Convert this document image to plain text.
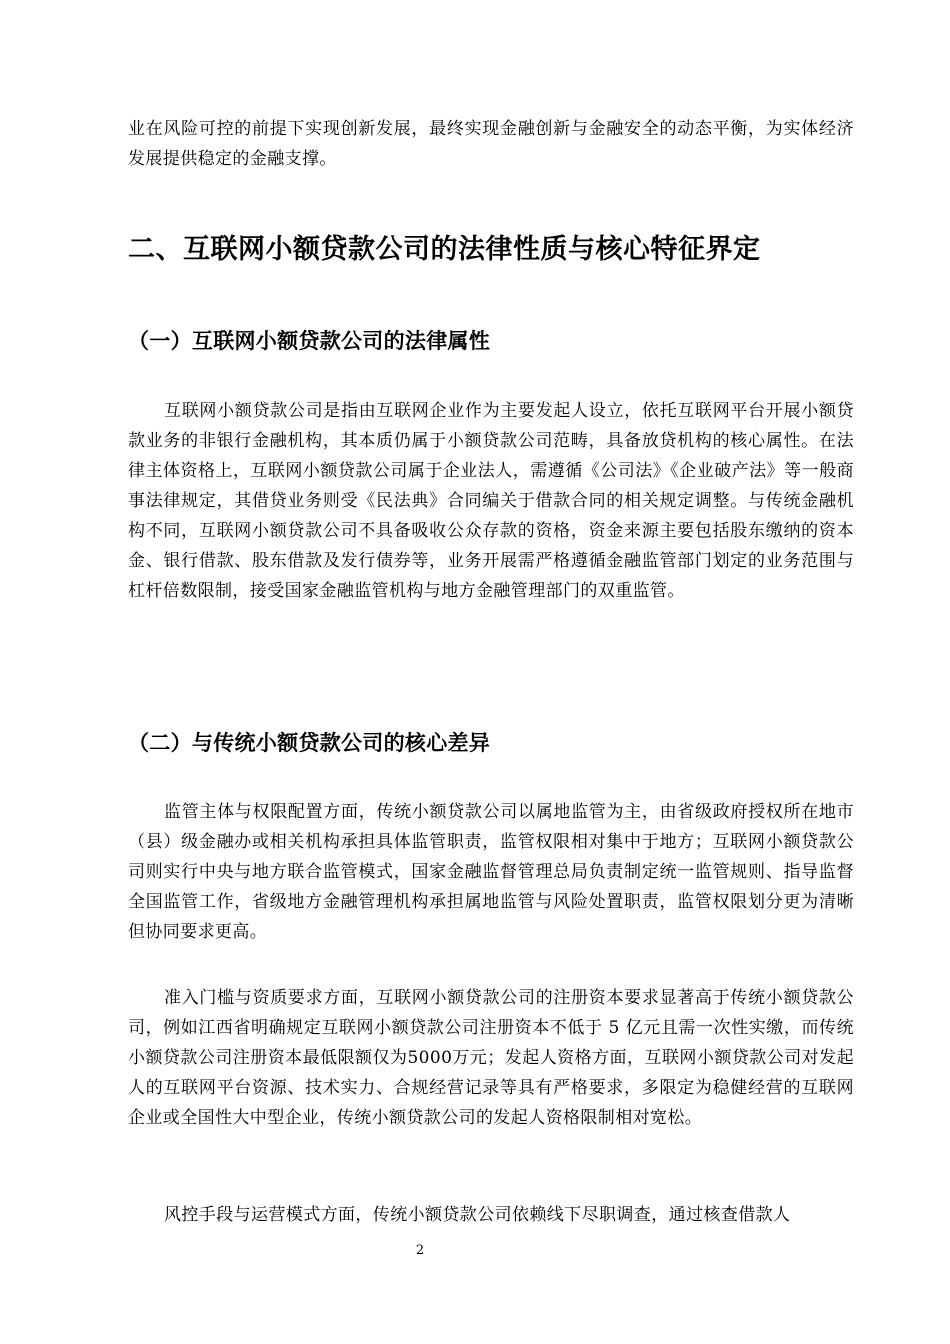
业在风险可控的前提下实现创新发展，最终实现金融创新与金融安全的动态平衡，为实体经济发展提供稳定的金融支撑。

二、互联网小额贷款公司的法律性质与核心特征界定
（一）互联网小额贷款公司的法律属性

互联网小额贷款公司是指由互联网企业作为主要发起人设立，依托互联网平台开展小额贷款业务的非银行金融机构，其本质仍属于小额贷款公司范畴，具备放贷机构的核心属性。在法律主体资格上，互联网小额贷款公司属于企业法人，需遵循《公司法》《企业破产法》等一般商事法律规定，其借贷业务则受《民法典》合同编关于借款合同的相关规定调整。与传统金融机构不同，互联网小额贷款公司不具备吸收公众存款的资格，资金来源主要包括股东缴纳的资本金、银行借款、股东借款及发行债券等，业务开展需严格遵循金融监管部门划定的业务范围与杠杆倍数限制，接受国家金融监管机构与地方金融管理部门的双重监管。

（二）与传统小额贷款公司的核心差异

监管主体与权限配置方面，传统小额贷款公司以属地监管为主，由省级政府授权所在地市（县）级金融办或相关机构承担具体监管职责，监管权限相对集中于地方；互联网小额贷款公司则实行中央与地方联合监管模式，国家金融监督管理总局负责制定统一监管规则、指导监督全国监管工作，省级地方金融管理机构承担属地监管与风险处置职责，监管权限划分更为清晰但协同要求更高。

准入门槛与资质要求方面，互联网小额贷款公司的注册资本要求显著高于传统小额贷款公司，例如江西省明确规定互联网小额贷款公司注册资本不低于 5 亿元且需一次性实缴，而传统小额贷款公司注册资本最低限额仅为5000万元；发起人资格方面，互联网小额贷款公司对发起人的互联网平台资源、技术实力、合规经营记录等具有严格要求，多限定为稳健经营的互联网企业或全国性大中型企业，传统小额贷款公司的发起人资格限制相对宽松。

风控手段与运营模式方面，传统小额贷款公司依赖线下尽职调查，通过核查借款人

2
